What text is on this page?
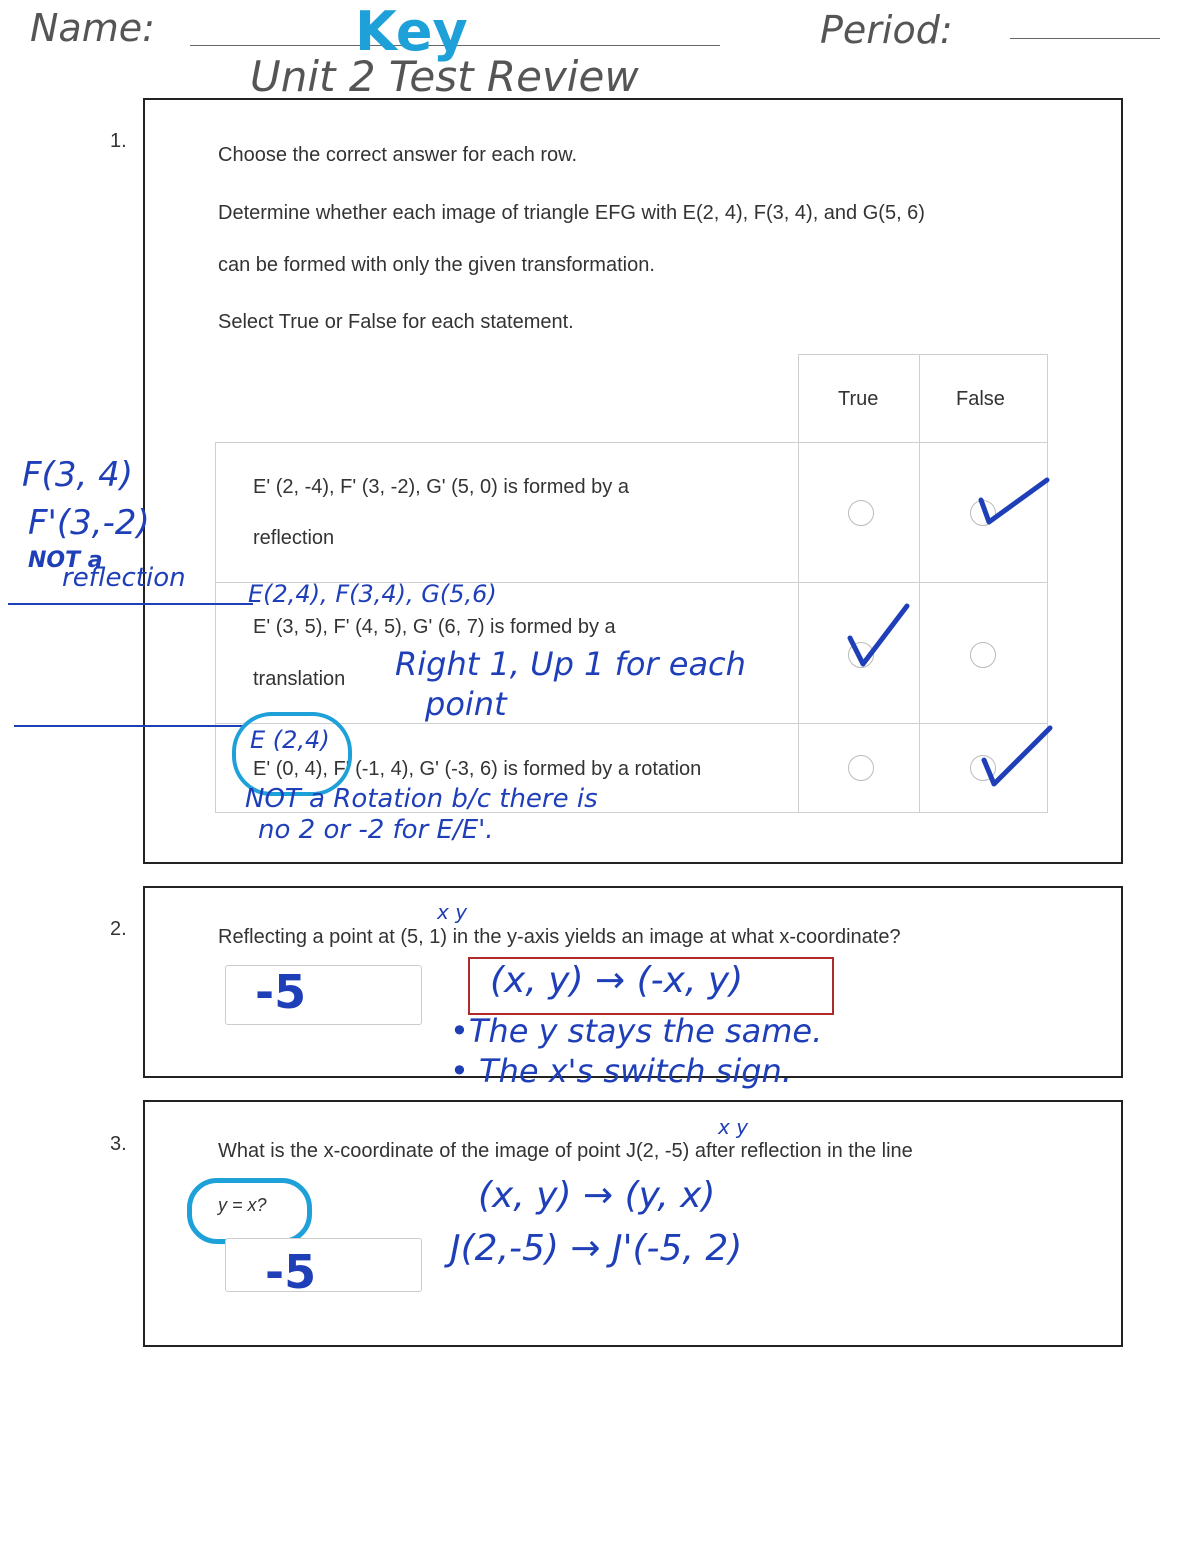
Name:	Key	Period:
Unit 2 Test Review
1.
Choose the correct answer for each row.
Determine whether each image of triangle EFG with E(2, 4), F(3, 4), and G(5, 6)
can be formed with only the given transformation.
Select True or False for each statement.
True	False
E' (2, -4), F' (3, -2), G' (5, 0) is formed by a
reflection
E' (3, 5), F' (4, 5), G' (6, 7) is formed by a
translation
E' (0, 4), F' (-1, 4), G' (-3, 6) is formed by a rotation
F(3, 4)
F'(3,-2)
NOT a
reflection
E(2,4), F(3,4), G(5,6)
Right 1, Up 1 for each
point
E (2,4)
NOT a Rotation b/c there is
no 2 or -2 for E/E'.
2.	Reflecting a point at (5, 1) in the y-axis yields an image at what x-coordinate?
x y
-5	(x, y) → (-x, y)
•The y stays the same.
• The x's switch sign.
3.	What is the x-coordinate of the image of point J(2, -5) after reflection in the line
x y
y = x?
-5
(x, y) → (y, x)
J(2,-5) → J'(-5, 2)
